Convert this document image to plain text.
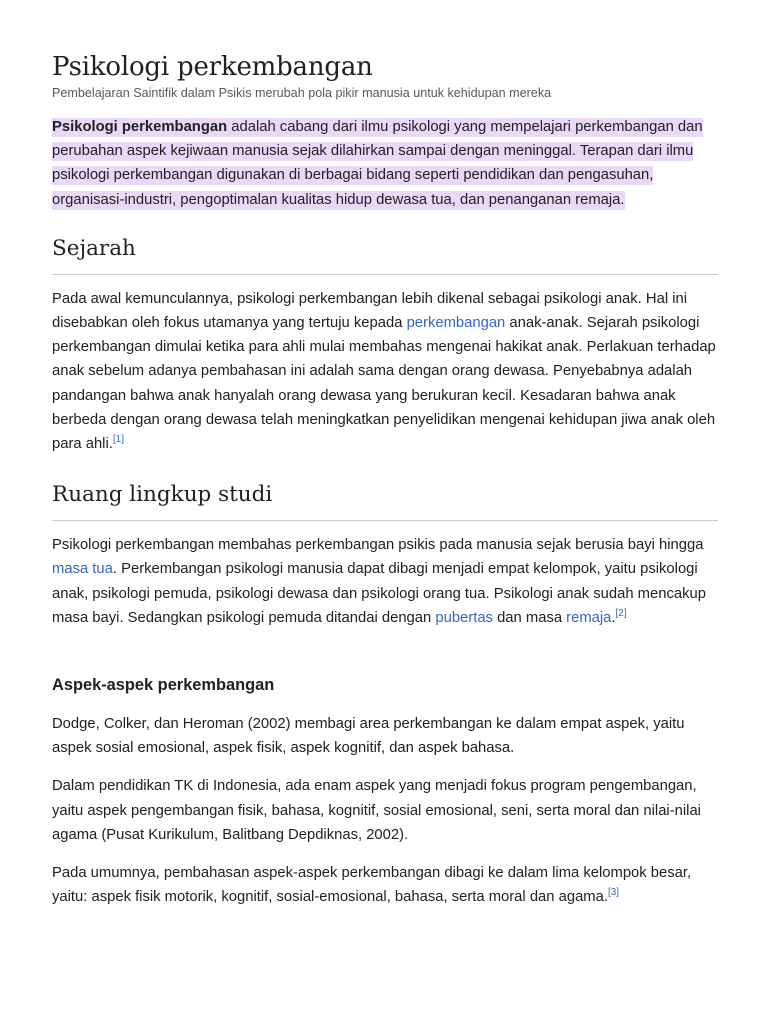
Psikologi perkembangan
Pembelajaran Saintifik dalam Psikis merubah pola pikir manusia untuk kehidupan mereka
Psikologi perkembangan adalah cabang dari ilmu psikologi yang mempelajari perkembangan dan perubahan aspek kejiwaan manusia sejak dilahirkan sampai dengan meninggal. Terapan dari ilmu psikologi perkembangan digunakan di berbagai bidang seperti pendidikan dan pengasuhan, organisasi-industri, pengoptimalan kualitas hidup dewasa tua, dan penanganan remaja.
Sejarah

Pada awal kemunculannya, psikologi perkembangan lebih dikenal sebagai psikologi anak. Hal ini disebabkan oleh fokus utamanya yang tertuju kepada perkembangan anak-anak. Sejarah psikologi perkembangan dimulai ketika para ahli mulai membahas mengenai hakikat anak. Perlakuan terhadap anak sebelum adanya pembahasan ini adalah sama dengan orang dewasa. Penyebabnya adalah pandangan bahwa anak hanyalah orang dewasa yang berukuran kecil. Kesadaran bahwa anak berbeda dengan orang dewasa telah meningkatkan penyelidikan mengenai kehidupan jiwa anak oleh para ahli.[1]

Ruang lingkup studi

Psikologi perkembangan membahas perkembangan psikis pada manusia sejak berusia bayi hingga masa tua. Perkembangan psikologi manusia dapat dibagi menjadi empat kelompok, yaitu psikologi anak, psikologi pemuda, psikologi dewasa dan psikologi orang tua. Psikologi anak sudah mencakup masa bayi. Sedangkan psikologi pemuda ditandai dengan pubertas dan masa remaja.[2]

Aspek-aspek perkembangan

Dodge, Colker, dan Heroman (2002) membagi area perkembangan ke dalam empat aspek, yaitu aspek sosial emosional, aspek fisik, aspek kognitif, dan aspek bahasa.

Dalam pendidikan TK di Indonesia, ada enam aspek yang menjadi fokus program pengembangan, yaitu aspek pengembangan fisik, bahasa, kognitif, sosial emosional, seni, serta moral dan nilai-nilai agama (Pusat Kurikulum, Balitbang Depdiknas, 2002).

Pada umumnya, pembahasan aspek-aspek perkembangan dibagi ke dalam lima kelompok besar, yaitu: aspek fisik motorik, kognitif, sosial-emosional, bahasa, serta moral dan agama.[3]
